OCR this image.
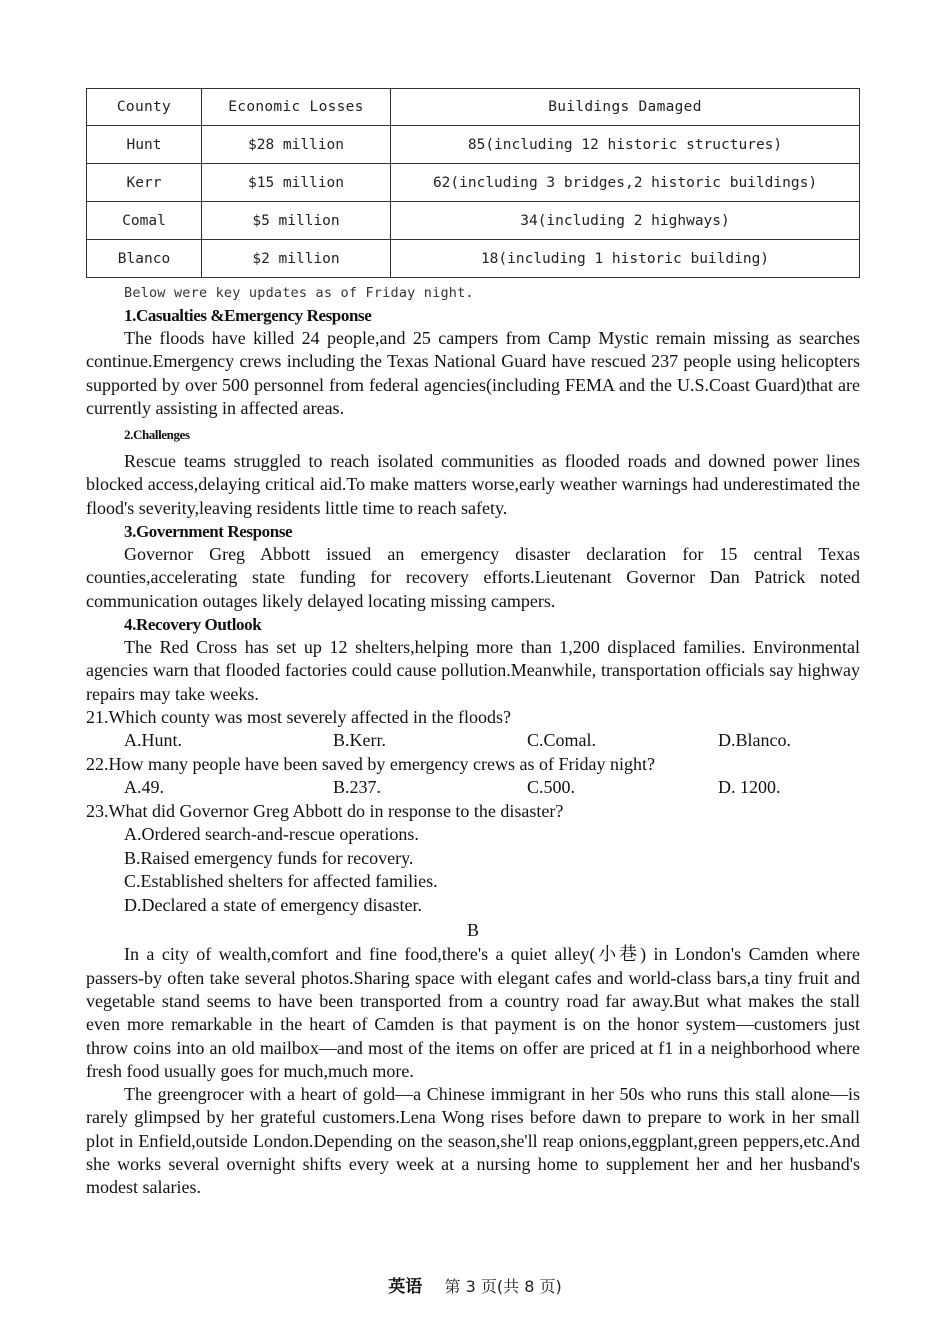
County	Economic Losses	Buildings Damaged
Hunt	$28 million	85(including 12 historic structures)
Kerr	$15 million	62(including 3 bridges,2 historic buildings)
Comal	$5 million	34(including 2 highways)
Blanco	$2 million	18(including 1 historic building)
Below were key updates as of Friday night.
1.Casualties &Emergency Response

The floods have killed 24 people,and 25 campers from Camp Mystic remain missing as searches continue.Emergency crews including the Texas National Guard have rescued 237 people using helicopters supported by over 500 personnel from federal agencies(including FEMA and the U.S.Coast Guard)that are currently assisting in affected areas.

2.Challenges

Rescue teams struggled to reach isolated communities as flooded roads and downed power lines blocked access,delaying critical aid.To make matters worse,early weather warnings had underestimated the flood's severity,leaving residents little time to reach safety.

3.Government Response

Governor Greg Abbott issued an emergency disaster declaration for 15 central Texas counties,accelerating state funding for recovery efforts.Lieutenant Governor Dan Patrick noted communication outages likely delayed locating missing campers.

4.Recovery Outlook

The Red Cross has set up 12 shelters,helping more than 1,200 displaced families. Environmental agencies warn that flooded factories could cause pollution.Meanwhile, transportation officials say highway repairs may take weeks.

21.Which county was most severely affected in the floods?
A.Hunt.	B.Kerr.	C.Comal.	D.Blanco.
22.How many people have been saved by emergency crews as of Friday night?
A.49.	B.237.	C.500.	D. 1200.
23.What did Governor Greg Abbott do in response to the disaster?
A.Ordered search-and-rescue operations.
B.Raised emergency funds for recovery.
C.Established shelters for affected families.
D.Declared a state of emergency disaster.
B

In a city of wealth,comfort and fine food,there's a quiet alley(小巷) in London's Camden where passers-by often take several photos.Sharing space with elegant cafes and world-class bars,a tiny fruit and vegetable stand seems to have been transported from a country road far away.But what makes the stall even more remarkable in the heart of Camden is that payment is on the honor system—customers just throw coins into an old mailbox—and most of the items on offer are priced at f1 in a neighborhood where fresh food usually goes for much,much more.

The greengrocer with a heart of gold—a Chinese immigrant in her 50s who runs this stall alone—is rarely glimpsed by her grateful customers.Lena Wong rises before dawn to prepare to work in her small plot in Enfield,outside London.Depending on the season,she'll reap onions,eggplant,green peppers,etc.And she works several overnight shifts every week at a nursing home to supplement her and her husband's modest salaries.

英语 第 3 页(共 8 页)
